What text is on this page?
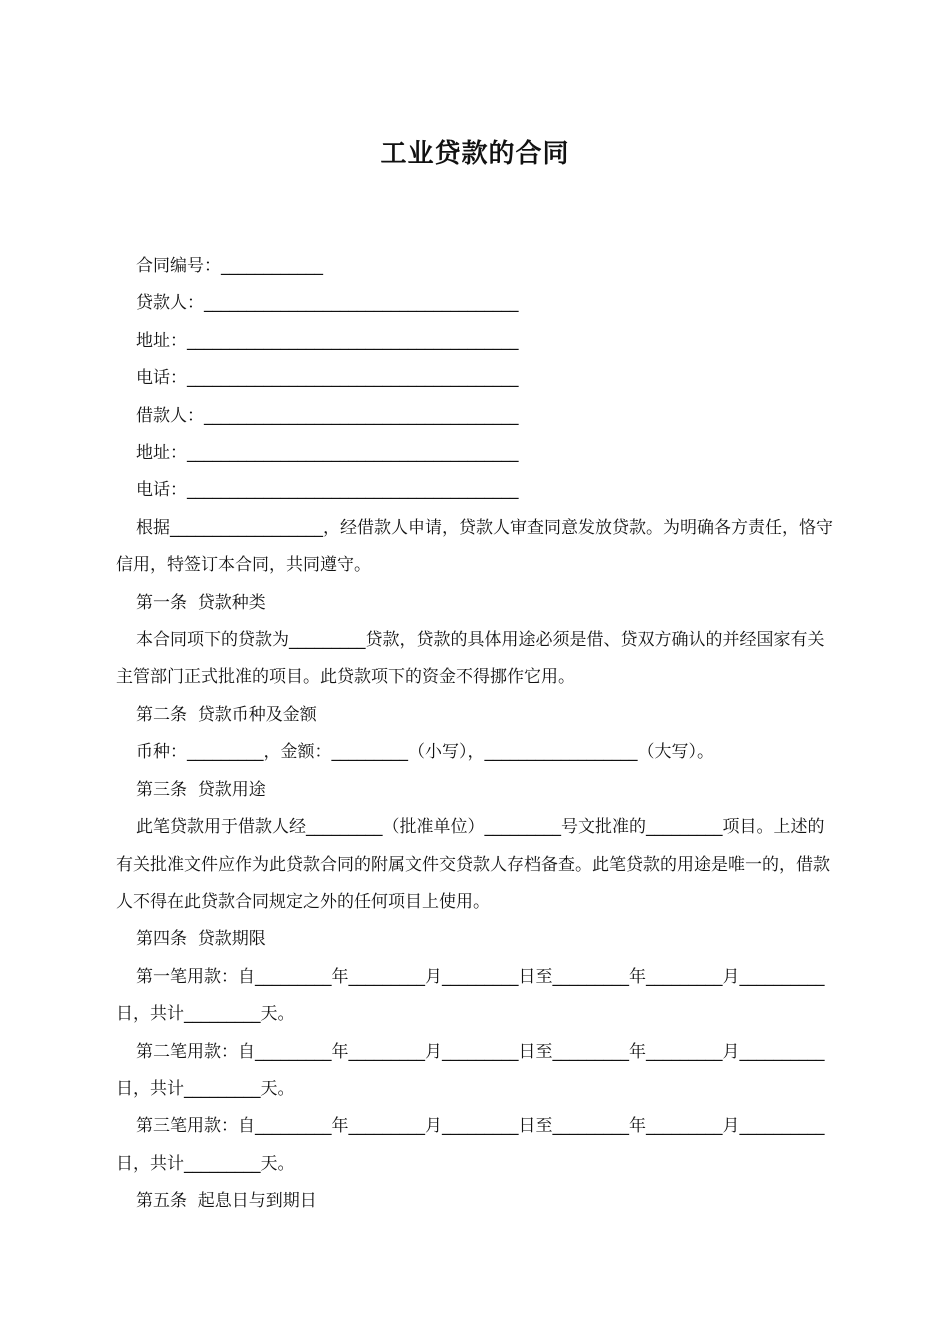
工业贷款的合同

合同编号：____________

贷款人：_____________________________________

地址：_______________________________________

电话：_______________________________________

借款人：_____________________________________

地址：_______________________________________

电话：_______________________________________

根据__________________，经借款人申请，贷款人审查同意发放贷款。为明确各方责任，恪守信用，特签订本合同，共同遵守。

第一条  贷款种类

本合同项下的贷款为_________贷款，贷款的具体用途必须是借、贷双方确认的并经国家有关主管部门正式批准的项目。此贷款项下的资金不得挪作它用。

第二条  贷款币种及金额

币种：_________，金额：_________（小写），__________________（大写）。

第三条  贷款用途

此笔贷款用于借款人经_________（批准单位）_________号文批准的_________项目。上述的有关批准文件应作为此贷款合同的附属文件交贷款人存档备查。此笔贷款的用途是唯一的，借款人不得在此贷款合同规定之外的任何项目上使用。

第四条  贷款期限

第一笔用款：自_________年_________月_________日至_________年_________月__________日，共计_________天。

第二笔用款：自_________年_________月_________日至_________年_________月__________日，共计_________天。

第三笔用款：自_________年_________月_________日至_________年_________月__________日，共计_________天。

第五条  起息日与到期日
